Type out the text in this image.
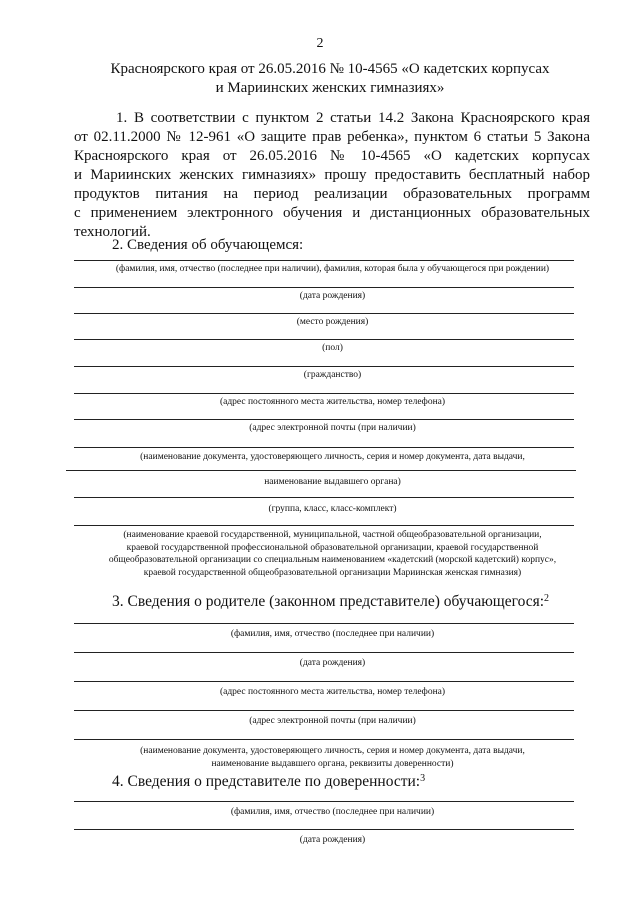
2
Красноярского края от 26.05.2016 № 10-4565 «О кадетских корпусах
и Мариинских женских гимназиях»
1. В соответствии с пунктом 2 статьи 14.2 Закона Красноярского края
от 02.11.2000 № 12-961 «О защите прав ребенка», пунктом 6 статьи 5 Закона
Красноярского края от 26.05.2016 № 10-4565 «О кадетских корпусах
и Мариинских женских гимназиях» прошу предоставить бесплатный набор
продуктов питания на период реализации образовательных программ
с применением электронного обучения и дистанционных образовательных
технологий.
2. Сведения об обучающемся:
(фамилия, имя, отчество (последнее при наличии), фамилия, которая была у обучающегося при рождении)
(дата рождения)
(место рождения)
(пол)
(гражданство)
(адрес постоянного места жительства, номер телефона)
(адрес электронной почты (при наличии)
(наименование документа, удостоверяющего личность, серия и номер документа, дата выдачи,
наименование выдавшего органа)
(группа, класс, класс-комплект)
(наименование краевой государственной, муниципальной, частной общеобразовательной организации,
краевой государственной профессиональной образовательной организации, краевой государственной
общеобразовательной организации со специальным наименованием «кадетский (морской кадетский) корпус»,
краевой государственной общеобразовательной организации Мариинская женская гимназия)
3. Сведения о родителе (законном представителе) обучающегося:$^2$
(фамилия, имя, отчество (последнее при наличии)
(дата рождения)
(адрес постоянного места жительства, номер телефона)
(адрес электронной почты (при наличии)
(наименование документа, удостоверяющего личность, серия и номер документа, дата выдачи,
наименование выдавшего органа, реквизиты доверенности)
4. Сведения о представителе по доверенности:$^3$
(фамилия, имя, отчество (последнее при наличии)
(дата рождения)
